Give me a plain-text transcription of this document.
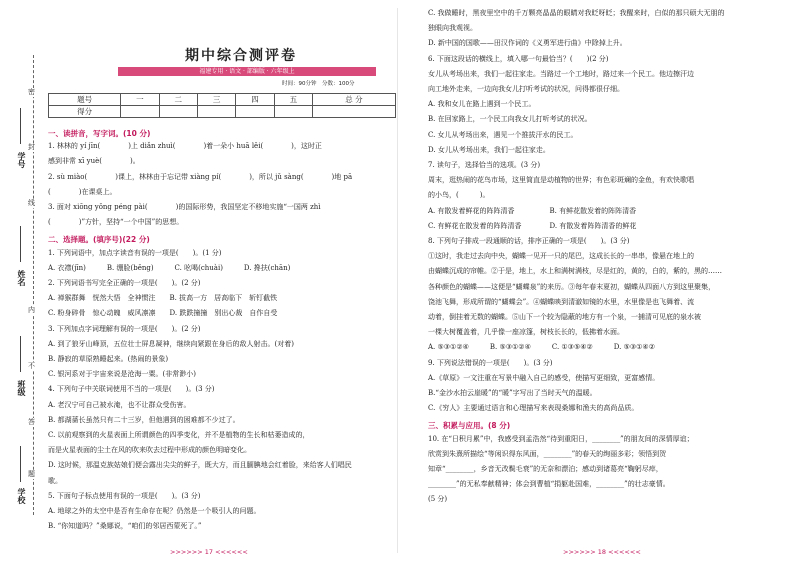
密
封
线
内
不
答
题
学号
姓名
班级
学校
期中综合测评卷
福建专用 · 语文 · 部编版 · 六年级上
时间：90分钟　分数：100分
题号	一	二	三	四	五	总 分
得分						
一、读拼音，写字词。(10 分)
1. 林林的 yí jīn(　　　　)上 diǎn zhuì(　　　　)着一朵小 huā lěi(　　　　)，这时正
感到非常 xī yuè(　　　　)。
2. sù miào(　　　　)课上，林林由于忘记带 xiàng pí(　　　　)，所以 jǔ sàng(　　　　)地 pā
(　　　　)在课桌上。
3. 面对 xiōng yǒng péng pài(　　　　)的国际形势，我国坚定不移地实施“一国两 zhì
(　　　　)”方针，坚持“一个中国”的思想。
二、选择题。(填序号)(22 分)
1. 下列词语中，加点字读音有误的一项是(　　)。(1 分)
A. 衣襟(jīn)　　　B. 绷脸(běng)　　　C. 吆喝(chuài)　　　D. 搀扶(chān)
2. 下列词语书写完全正确的一项是(　　)。(2 分)
A. 禅猴群舞　恍然大悟　全神惯注　　B. 拔高一方　居高临下　斩钉截铁
C. 粉身碎骨　惊心动魄　威风凛凛　　D. 跌跌撞撞　别出心裁　自作自受
3. 下列加点字词理解有误的一项是(　　)。(2 分)
A. 到了狼牙山峰顶，五位壮士屏息凝神，继续向紧跟在身后的敌人射击。(对着)
B. 静寂的草原熟睡起来。(热闹的景象)
C. 银河系对于宇宙来说是沧海一粟。(非常渺小)
4. 下列句子中关联词使用不当的一项是(　　)。(3 分)
A. 老汉宁可自己被水淹，也不让群众受伤害。
B. 都湖蔷长虽然只有二十三岁，但他遇到的困难都不少过了。
C. 以前观察到的火星表面上所谓颜色的四季变化，并不是植物的生长和枯萎造成的，
而是火星表面的尘土在风的吹来吹去过程中形成的颜色明暗变化。
D. 这时候，那温克族姑娘们便会露出尖尖的鲜子，既大方，而且腼腆地会红着脸，来给客人们唱民
歌。
5. 下面句子标点使用有误的一项是(　　)。(3 分)
A. 地球之外的太空中是否有生命存在呢？仍然是一个吸引人的问题。
B. “你知道吗？”桑娜说，“咱们的邻居西蒙死了。”
>>>>>> 17 <<<<<<
C. 我做睡时，黑夜里空中的千万颗亮晶晶的眼睛对我眨呀眨；我醒来时，白似的那只硕大无朋的
独眼向我观视。
D. 新中国的国歌——田汉作词的《义勇军进行曲》中除掉上升。
6. 下面这段话的横线上，填入哪一句最恰当？(　　)(2 分)
女儿从考场出来，我们一起往家走。当路过一个工地时，路过来一个民工。他边擦汗边
向工地外走来，一边向我女儿打听考试的状况，问得都很仔细。
A. 我和女儿在路上遇到一个民工。
B. 在回家路上，一个民工向我女儿打听考试的状况。
C. 女儿从考场出来，遇见一个推拔汗水的民工。
D. 女儿从考场出来，我们一起往家走。
7. 读句子，选择恰当的选项。(3 分)
周末，逛热闹的花鸟市场，这里简直是动植物的世界；有色彩斑斓的金鱼，有欢快歌唱
的小鸟，(　　　)。
A. 有散发着鲜花的阵阵清香　　　　　B. 有鲜花散发着的阵阵清香
C. 有鲜花在散发着的阵阵清香　　　　D. 有散发着阵阵清香的鲜花
8. 下列句子排成一段通顺的话，排序正确的一项是(　　)。(3 分)
①这时，我走过去向中央，蝴蝶一见开一只的尾巴，这成长长的一串串，像悬在地上的
由蝴蝶沉成的帘帷。②于是，地上，水上和满树满枝，尽是红的，黄的，白的，紫的，黑的……
各种颜色的蝴蝶——这便是“蝴蝶泉”的来历。③每年春末夏初，蝴蝶从四面八方到这里聚集，
饶池飞舞，形成所谓的“蝴蝶会”。④蝴蝶映到清澈如镜的水里，水里像是也飞舞着、流
动着，倒挂着无数的蝴蝶。⑤山下一个较为隐蔽的地方有一个泉，一捕清可见底的泉水被
一棵大树覆盖着，几乎像一座凉篷，树枝长长的，低拂着水面。
A. ⑤③①②④　　　B. ⑤③①②④　　　C. ①③⑤④②　　　D. ⑤③①④②
9. 下列说法错误的一项是(　　)。(3 分)
A.《草原》一文注重在写景中融入自己的感受，使描写更细致，更富感情。
B.“金沙水拍云崖暖”的“暖”字写出了当时天气的温暖。
C.《穷人》主要通过语言和心理描写来表现桑娜和渔夫的高尚品质。
三、积累与应用。(8 分)
10. 在“日积月累”中，我感受到孟浩然“待到重阳日，________”的朋友间的深情厚谊；
欣赏到朱熹所描绘“等闲识得东风面，________”的春天的绚丽多彩；领悟到贺
知章“________，乡音无改鬓毛衰”的无奈和漂泊；感动到诸葛亮“鞠躬尽瘁，
________”的无私奉献精神；体会到曹植“捐躯赴国难，________”的壮志豪情。
(5 分)
>>>>>> 18 <<<<<<
